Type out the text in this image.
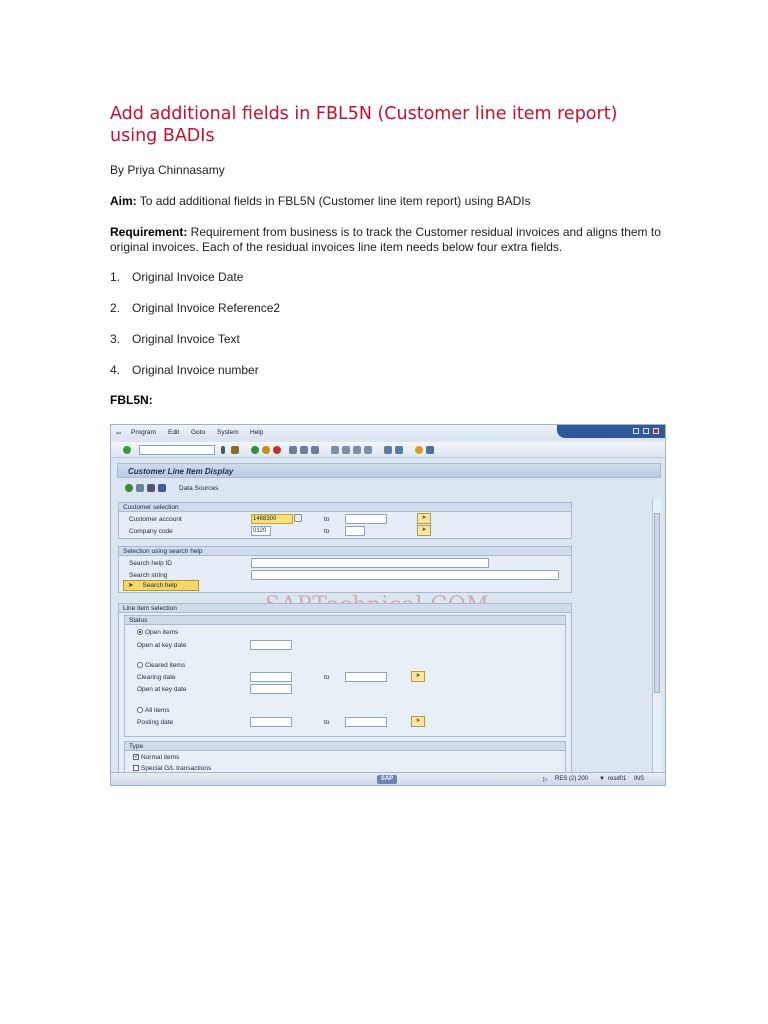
Add additional fields in FBL5N (Customer line item report) using BADIs
By Priya Chinnasamy
Aim: To add additional fields in FBL5N (Customer line item report) using BADIs
Requirement: Requirement from business is to track the Customer residual invoices and aligns them to original invoices. Each of the residual invoices line item needs below four extra fields.
1. Original Invoice Date
2. Original Invoice Reference2
3. Original Invoice Text
4. Original Invoice number
FBL5N:
⇦ Program Edit Goto System Help
Customer Line Item Display
Data Sources
Customer selection
Customer account	1468300	to	➤
Company code	0120	to	➤
Selection using search help
Search help ID
Search string
➤     Search help
Line item selection
Status
Open items
Open at key date
Cleared items
Clearing date	to	➤
Open at key date
All items
Posting date	to	➤
Type
✓ Normal items
Special G/L transactions
SAP	▷ RES (2) 200 ▼ resd01 INS
